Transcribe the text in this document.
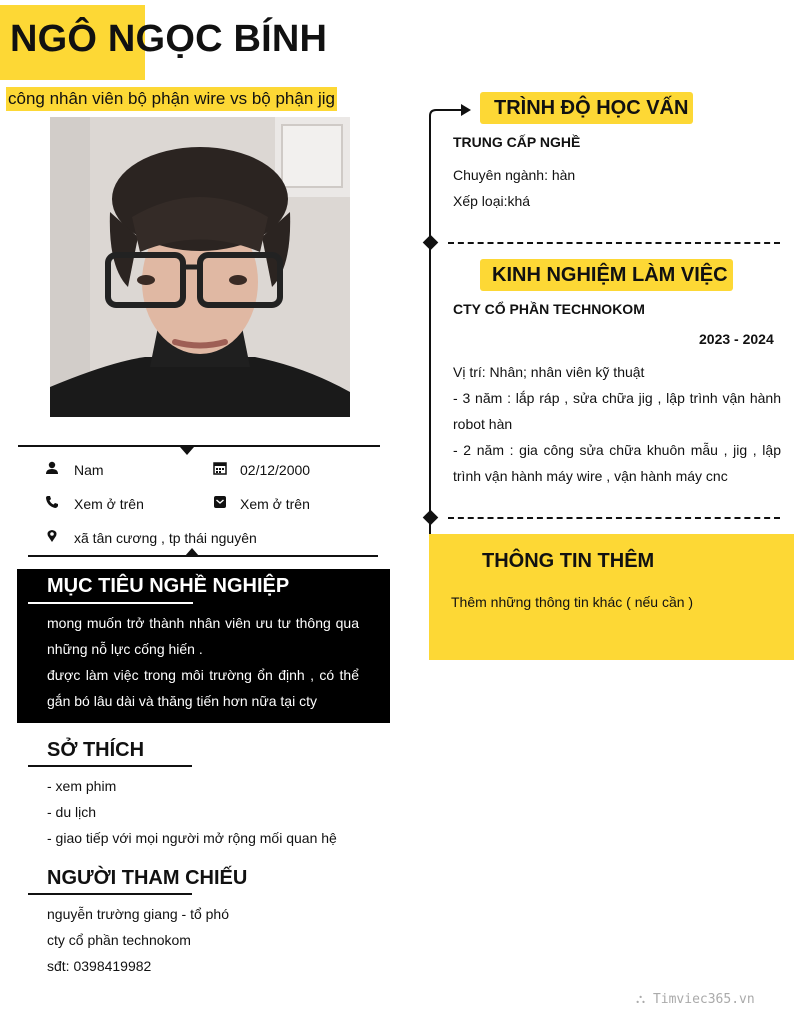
NGÔ NGỌC BÍNH
công nhân viên bộ phận wire vs bộ phận jig
Nam	02/12/2000
Xem ở trên	Xem ở trên
xã tân cương , tp thái nguyên
MỤC TIÊU NGHỀ NGHIỆP
mong muốn trở thành nhân viên ưu tư thông qua những nỗ lực cống hiến .
được làm việc trong môi trường ổn định , có thể gắn bó lâu dài và thăng tiến hơn nữa tại cty
SỞ THÍCH
- xem phim
- du lịch
- giao tiếp với mọi người mở rộng mối quan hệ
NGƯỜI THAM CHIẾU
nguyễn trường giang - tổ phó
cty cổ phần technokom
sđt: 0398419982
TRÌNH ĐỘ HỌC VẤN
TRUNG CẤP NGHỀ
Chuyên ngành: hàn
Xếp loại:khá
KINH NGHIỆM LÀM VIỆC
CTY CỔ PHẦN TECHNOKOM
2023 - 2024
Vị trí: Nhân; nhân viên kỹ thuật
- 3 năm : lắp ráp , sửa chữa jig , lập trình vận hành robot hàn
- 2 năm : gia công sửa chữa khuôn mẫu , jig , lập trình vận hành máy wire , vận hành máy cnc
THÔNG TIN THÊM
Thêm những thông tin khác ( nếu cần )
⛬ Timviec365.vn
